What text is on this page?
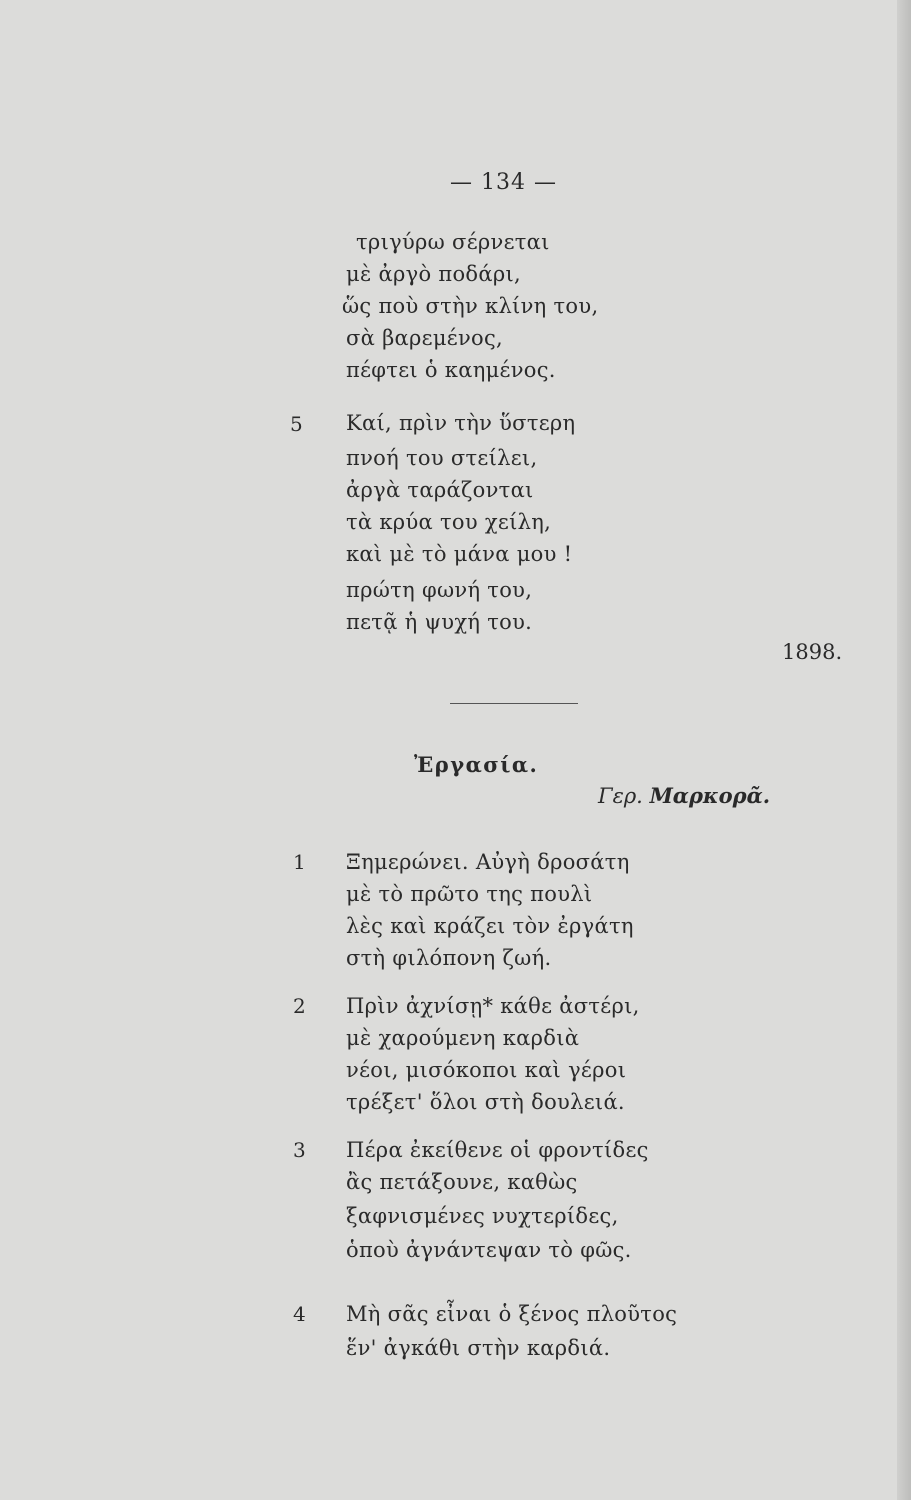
— 134 —
τριγύρω σέρνεται
μὲ ἀργὸ ποδάρι,
ὥς ποὺ στὴν κλίνη του,
σὰ βαρεμένος,
πέφτει ὁ καημένος.
5 Καί, πρὶν τὴν ὕστερη
πνοή του στείλει,
ἀργὰ ταράζονται
τὰ κρύα του χείλη,
καὶ μὲ τὸ μάνα μου !
πρώτη φωνή του,
πετᾷ ἡ ψυχή του.
1898.
Ἐργασία.
Γερ. Μαρκορᾶ.
1 Ξημερώνει. Αὐγὴ δροσάτη
μὲ τὸ πρῶτο της πουλὶ
λὲς καὶ κράζει τὸν ἐργάτη
στὴ φιλόπονη ζωή.
2 Πρὶν ἀχνίσῃ* κάθε ἀστέρι,
μὲ χαρούμενη καρδιὰ
νέοι, μισόκοποι καὶ γέροι
τρέξετ' ὅλοι στὴ δουλειά.
3 Πέρα ἐκείθενε οἱ φροντίδες
ἂς πετάξουνε, καθὼς
ξαφνισμένες νυχτερίδες,
ὁποὺ ἀγνάντεψαν τὸ φῶς.
4 Μὴ σᾶς εἶναι ὁ ξένος πλοῦτος
ἕν' ἀγκάθι στὴν καρδιά.
